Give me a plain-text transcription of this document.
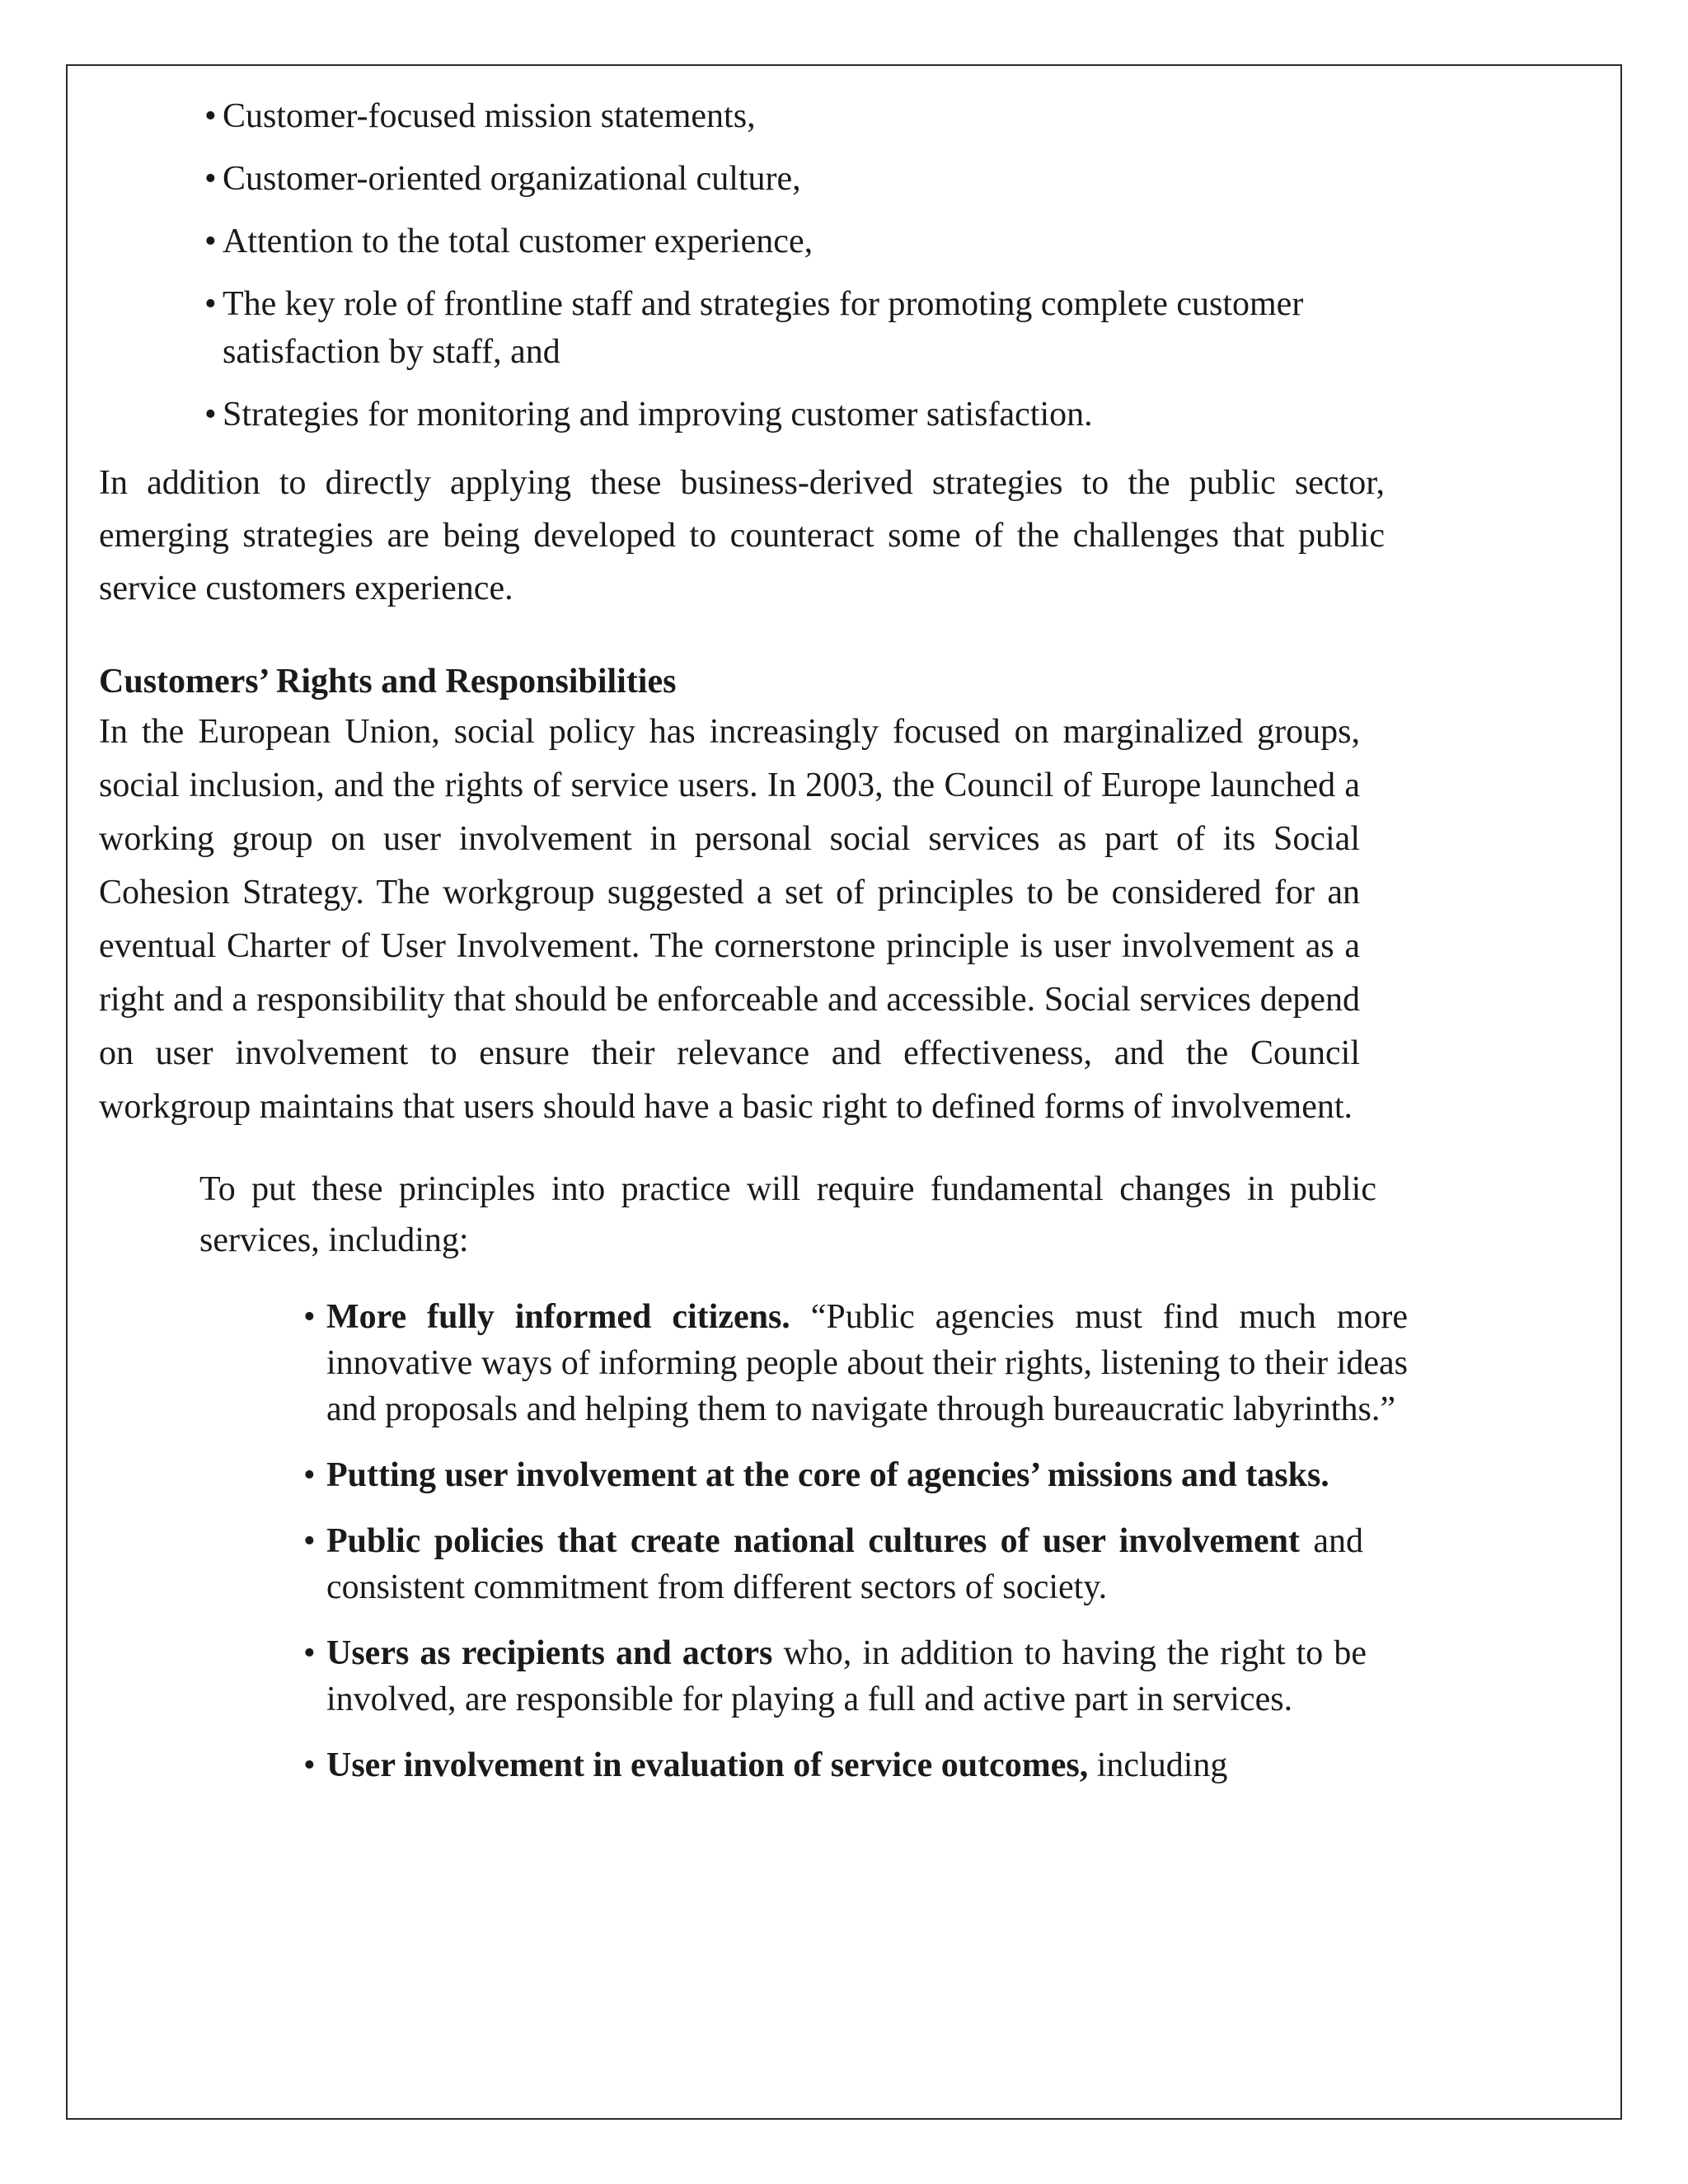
• Customer-focused mission statements,
• Customer-oriented organizational culture,
• Attention to the total customer experience,
• The key role of frontline staff and strategies for promoting complete customer satisfaction by staff, and
• Strategies for monitoring and improving customer satisfaction.

In addition to directly applying these business-derived strategies to the public sector, emerging strategies are being developed to counteract some of the challenges that public service customers experience.

Customers’ Rights and Responsibilities

In the European Union, social policy has increasingly focused on marginalized groups, social inclusion, and the rights of service users. In 2003, the Council of Europe launched a working group on user involvement in personal social services as part of its Social Cohesion Strategy. The workgroup suggested a set of principles to be considered for an eventual Charter of User Involvement. The cornerstone principle is user involvement as a right and a responsibility that should be enforceable and accessible. Social services depend on user involvement to ensure their relevance and effectiveness, and the Council workgroup maintains that users should have a basic right to defined forms of involvement.

To put these principles into practice will require fundamental changes in public services, including:

• More fully informed citizens. “Public agencies must find much more innovative ways of informing people about their rights, listening to their ideas and proposals and helping them to navigate through bureaucratic labyrinths.”
• Putting user involvement at the core of agencies’ missions and tasks.
• Public policies that create national cultures of user involvement and consistent commitment from different sectors of society.
• Users as recipients and actors who, in addition to having the right to be involved, are responsible for playing a full and active part in services.
• User involvement in evaluation of service outcomes, including
